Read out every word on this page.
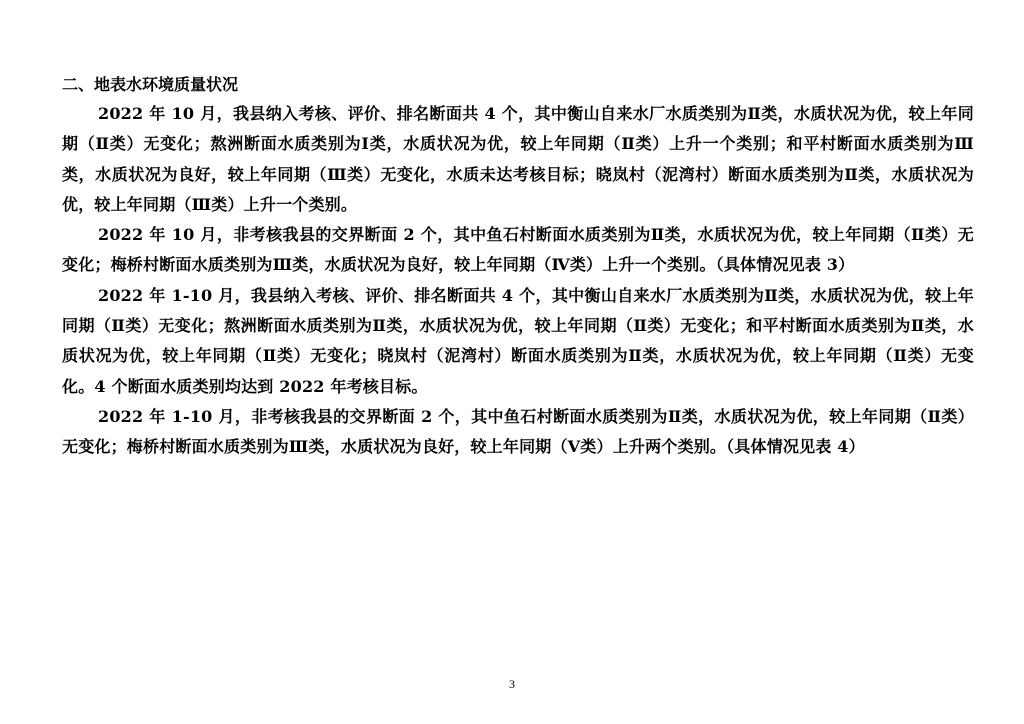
二、地表水环境质量状况

2022 年 10 月，我县纳入考核、评价、排名断面共 4 个，其中衡山自来水厂水质类别为Ⅱ类，水质状况为优，较上年同期（Ⅱ类）无变化；熬洲断面水质类别为Ⅰ类，水质状况为优，较上年同期（Ⅱ类）上升一个类别；和平村断面水质类别为Ⅲ类，水质状况为良好，较上年同期（Ⅲ类）无变化，水质未达考核目标；晓岚村（泥湾村）断面水质类别为Ⅱ类，水质状况为优，较上年同期（Ⅲ类）上升一个类别。

2022 年 10 月，非考核我县的交界断面 2 个，其中鱼石村断面水质类别为Ⅱ类，水质状况为优，较上年同期（Ⅱ类）无变化；梅桥村断面水质类别为Ⅲ类，水质状况为良好，较上年同期（Ⅳ类）上升一个类别。（具体情况见表 3）

2022 年 1-10 月，我县纳入考核、评价、排名断面共 4 个，其中衡山自来水厂水质类别为Ⅱ类，水质状况为优，较上年同期（Ⅱ类）无变化；熬洲断面水质类别为Ⅱ类，水质状况为优，较上年同期（Ⅱ类）无变化；和平村断面水质类别为Ⅱ类，水质状况为优，较上年同期（Ⅱ类）无变化；晓岚村（泥湾村）断面水质类别为Ⅱ类，水质状况为优，较上年同期（Ⅱ类）无变化。4 个断面水质类别均达到 2022 年考核目标。

2022 年 1-10 月，非考核我县的交界断面 2 个，其中鱼石村断面水质类别为Ⅱ类，水质状况为优，较上年同期（Ⅱ类）无变化；梅桥村断面水质类别为Ⅲ类，水质状况为良好，较上年同期（Ⅴ类）上升两个类别。（具体情况见表 4）

3
